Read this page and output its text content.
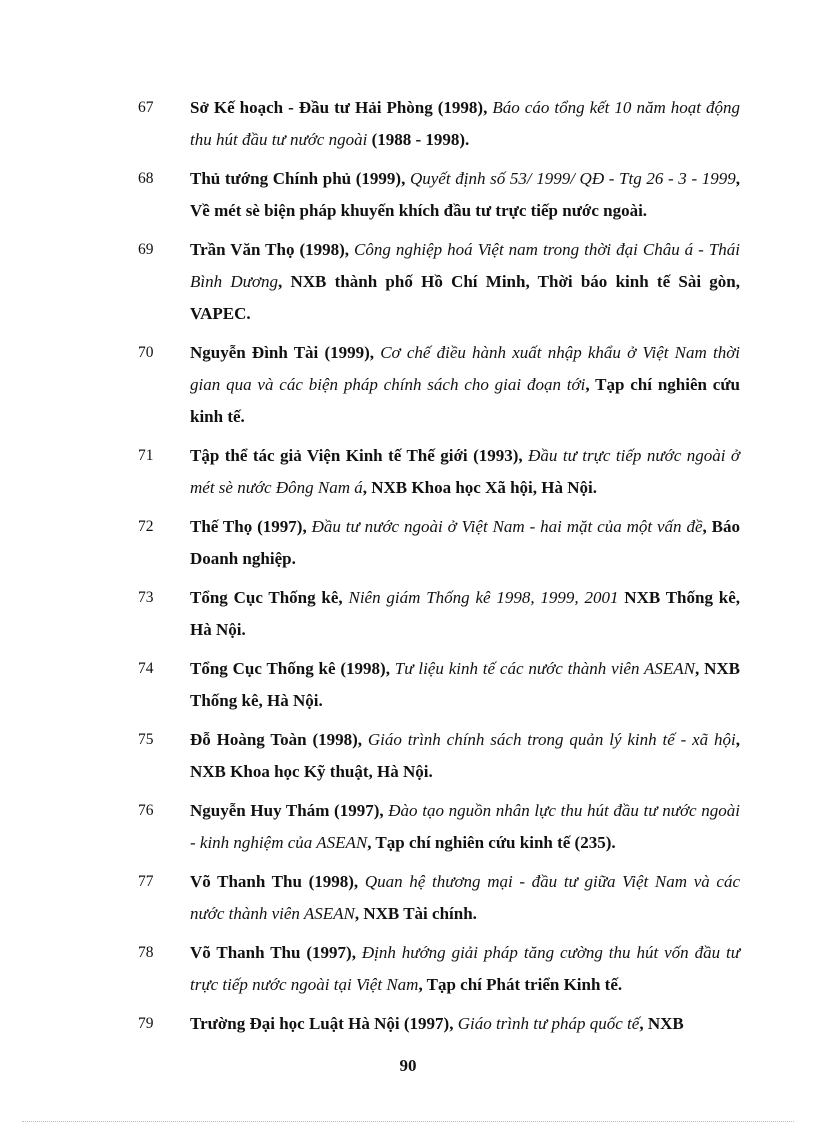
67	Sở Kế hoạch - Đầu tư Hải Phòng (1998), Báo cáo tổng kết 10 năm hoạt động thu hút đầu tư nước ngoài (1988 - 1998).
68	Thủ tướng Chính phủ (1999), Quyết định số 53/ 1999/ QĐ - Ttg 26 - 3 - 1999, Về mét sè biện pháp khuyến khích đầu tư trực tiếp nước ngoài.
69	Trần Văn Thọ (1998), Công nghiệp hoá Việt nam trong thời đại Châu á - Thái Bình Dương, NXB thành phố Hồ Chí Minh, Thời báo kinh tế Sài gòn, VAPEC.
70	Nguyễn Đình Tài (1999), Cơ chế điều hành xuất nhập khẩu ở Việt Nam thời gian qua và các biện pháp chính sách cho giai đoạn tới, Tạp chí nghiên cứu kinh tế.
71	Tập thể tác giả Viện Kinh tế Thế giới (1993), Đầu tư trực tiếp nước ngoài ở mét sè nước Đông Nam á, NXB Khoa học Xã hội, Hà Nội.
72	Thế Thọ (1997), Đầu tư nước ngoài ở Việt Nam - hai mặt của một vấn đề, Báo Doanh nghiệp.
73	Tổng Cục Thống kê, Niên giám Thống kê 1998, 1999, 2001 NXB Thống kê, Hà Nội.
74	Tổng Cục Thống kê (1998), Tư liệu kinh tế các nước thành viên ASEAN, NXB Thống kê, Hà Nội.
75	Đỗ Hoàng Toàn (1998), Giáo trình chính sách trong quản lý kinh tế - xã hội, NXB Khoa học Kỹ thuật, Hà Nội.
76	Nguyễn Huy Thám (1997), Đào tạo nguồn nhân lực thu hút đầu tư nước ngoài - kinh nghiệm của ASEAN, Tạp chí nghiên cứu kinh tế (235).
77	Võ Thanh Thu (1998), Quan hệ thương mại - đầu tư giữa Việt Nam và các nước thành viên ASEAN, NXB Tài chính.
78	Võ Thanh Thu (1997), Định hướng giải pháp tăng cường thu hút vốn đầu tư trực tiếp nước ngoài tại Việt Nam, Tạp chí Phát triển Kinh tế.
79	Trường Đại học Luật Hà Nội (1997), Giáo trình tư pháp quốc tế, NXB
90
